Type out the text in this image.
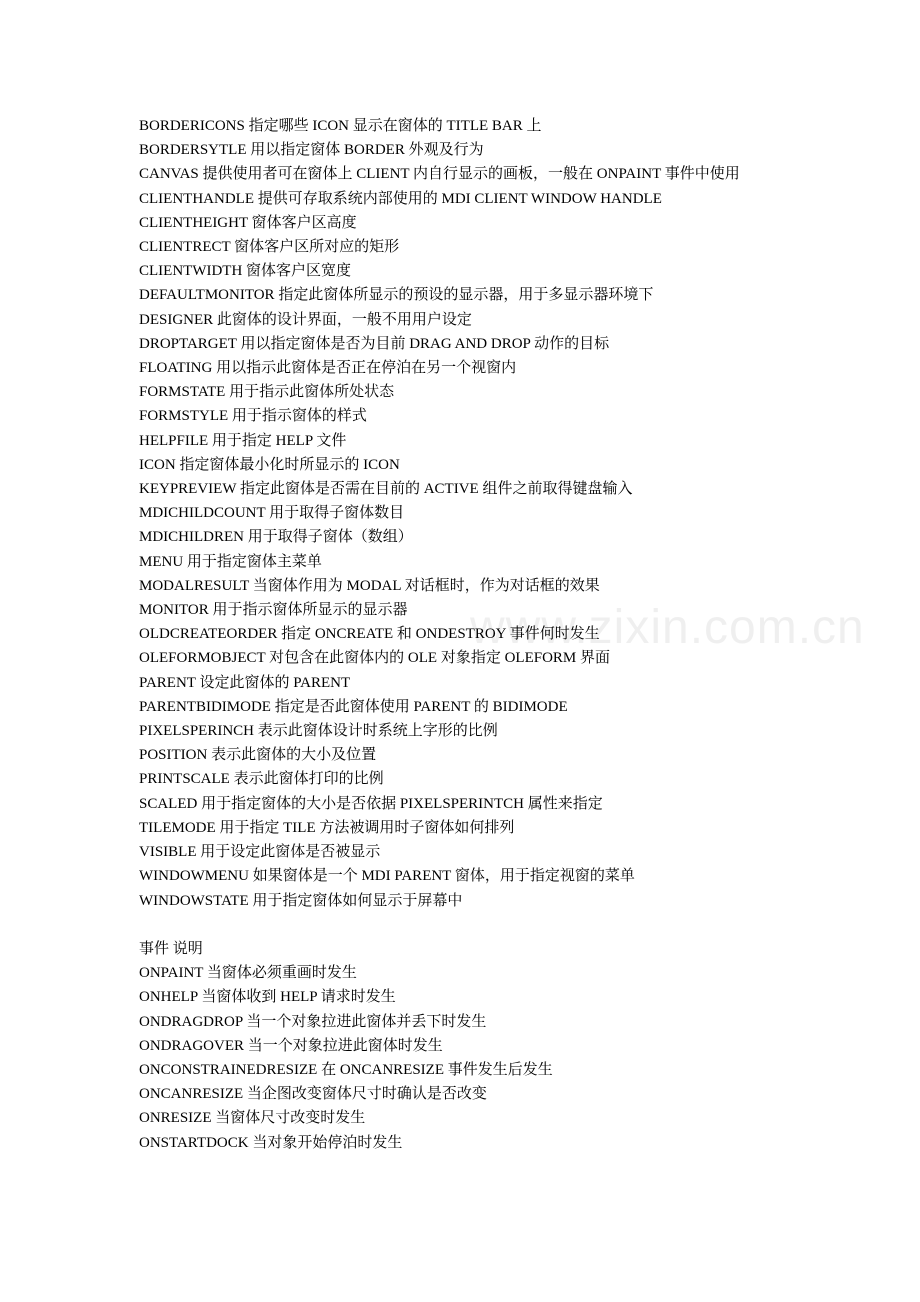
BORDERICONS 指定哪些 ICON 显示在窗体的 TITLE BAR 上
BORDERSYTLE 用以指定窗体 BORDER 外观及行为
CANVAS 提供使用者可在窗体上 CLIENT 内自行显示的画板，一般在 ONPAINT 事件中使用
CLIENTHANDLE 提供可存取系统内部使用的 MDI CLIENT WINDOW HANDLE
CLIENTHEIGHT 窗体客户区高度
CLIENTRECT 窗体客户区所对应的矩形
CLIENTWIDTH 窗体客户区宽度
DEFAULTMONITOR 指定此窗体所显示的预设的显示器，用于多显示器环境下
DESIGNER 此窗体的设计界面，一般不用用户设定
DROPTARGET 用以指定窗体是否为目前 DRAG AND DROP 动作的目标
FLOATING 用以指示此窗体是否正在停泊在另一个视窗内
FORMSTATE 用于指示此窗体所处状态
FORMSTYLE 用于指示窗体的样式
HELPFILE 用于指定 HELP 文件
ICON 指定窗体最小化时所显示的 ICON
KEYPREVIEW 指定此窗体是否需在目前的 ACTIVE 组件之前取得键盘输入
MDICHILDCOUNT 用于取得子窗体数目
MDICHILDREN 用于取得子窗体（数组）
MENU 用于指定窗体主菜单
MODALRESULT 当窗体作用为 MODAL 对话框时，作为对话框的效果
MONITOR 用于指示窗体所显示的显示器
OLDCREATEORDER 指定 ONCREATE 和 ONDESTROY 事件何时发生
OLEFORMOBJECT 对包含在此窗体内的 OLE 对象指定 OLEFORM 界面
PARENT 设定此窗体的 PARENT
PARENTBIDIMODE 指定是否此窗体使用 PARENT 的 BIDIMODE
PIXELSPERINCH 表示此窗体设计时系统上字形的比例
POSITION 表示此窗体的大小及位置
PRINTSCALE 表示此窗体打印的比例
SCALED 用于指定窗体的大小是否依据 PIXELSPERINTCH 属性来指定
TILEMODE 用于指定 TILE 方法被调用时子窗体如何排列
VISIBLE 用于设定此窗体是否被显示
WINDOWMENU 如果窗体是一个 MDI PARENT 窗体，用于指定视窗的菜单
WINDOWSTATE 用于指定窗体如何显示于屏幕中
事件 说明
ONPAINT 当窗体必须重画时发生
ONHELP 当窗体收到 HELP 请求时发生
ONDRAGDROP 当一个对象拉进此窗体并丢下时发生
ONDRAGOVER 当一个对象拉进此窗体时发生
ONCONSTRAINEDRESIZE 在 ONCANRESIZE 事件发生后发生
ONCANRESIZE 当企图改变窗体尺寸时确认是否改变
ONRESIZE 当窗体尺寸改变时发生
ONSTARTDOCK 当对象开始停泊时发生
www.zixin.com.cn
